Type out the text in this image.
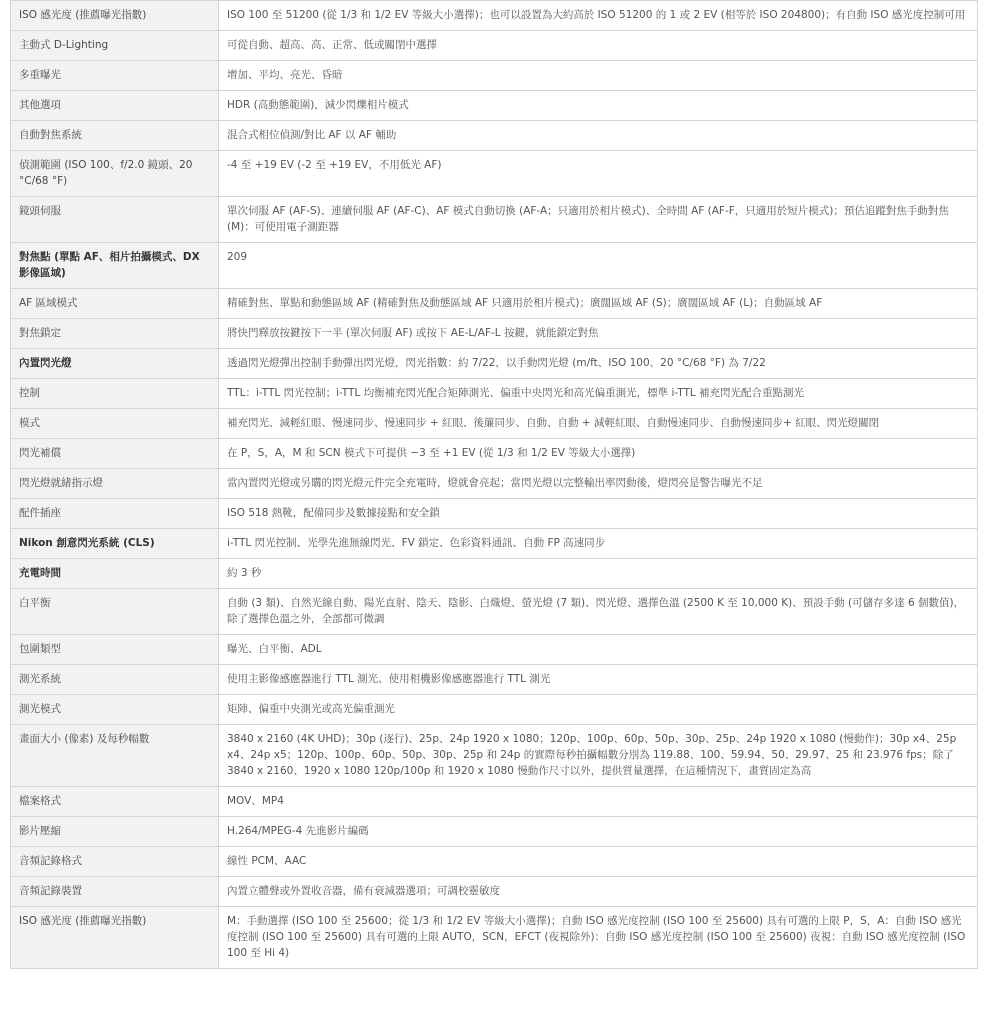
ISO 感光度 (推薦曝光指數)	ISO 100 至 51200 (從 1/3 和 1/2 EV 等級大小選擇)；也可以設置為大約高於 ISO 51200 的 1 或 2 EV (相等於 ISO 204800)；有自動 ISO 感光度控制可用
主動式 D-Lighting	可從自動、超高、高、正常、低或關閉中選擇
多重曝光	增加、平均、亮光、昏暗
其他選項	HDR (高動態範圍)，減少閃爍相片模式
自動對焦系統	混合式相位偵測/對比 AF 以 AF 輔助
偵測範圍 (ISO 100、f/2.0 鏡頭、20 °C/68 °F)	-4 至 +19 EV (-2 至 +19 EV，不用低光 AF)
鏡頭伺服	單次伺服 AF (AF-S)、連續伺服 AF (AF-C)、AF 模式自動切換 (AF-A；只適用於相片模式)、全時間 AF (AF-F，只適用於短片模式)；預估追蹤對焦手動對焦 (M)：可使用電子測距器
對焦點 (單點 AF、相片拍攝模式、DX 影像區域)	209
AF 區域模式	精確對焦、單點和動態區域 AF (精確對焦及動態區域 AF 只適用於相片模式)；廣闊區域 AF (S)；廣闊區域 AF (L)；自動區域 AF
對焦鎖定	將快門釋放按鍵按下一半 (單次伺服 AF) 或按下 AE-L/AF-L 按鍵，就能鎖定對焦
內置閃光燈	透過閃光燈彈出控制手動彈出閃光燈，閃光指數：約 7/22，以手動閃光燈 (m/ft、ISO 100、20 °C/68 °F) 為 7/22
控制	TTL：i-TTL 閃光控制；i-TTL 均衡補充閃光配合矩陣測光、偏重中央閃光和高光偏重測光，標準 i-TTL 補充閃光配合重點測光
模式	補充閃光、減輕紅眼、慢速同步、慢速同步 + 紅眼、後簾同步、自動、自動 + 減輕紅眼、自動慢速同步、自動慢速同步+ 紅眼、閃光燈關閉
閃光補償	在 P，S，A，M 和 SCN 模式下可提供 −3 至 +1 EV (從 1/3 和 1/2 EV 等級大小選擇)
閃光燈就緒指示燈	當內置閃光燈或另購的閃光燈元件完全充電時，燈就會亮起；當閃光燈以完整輸出率閃動後，燈閃亮是警告曝光不足
配件插座	ISO 518 熱靴，配備同步及數據接點和安全鎖
Nikon 創意閃光系統 (CLS)	i-TTL 閃光控制、光學先進無線閃光、FV 鎖定、色彩資料通訊、自動 FP 高速同步
充電時間	約 3 秒
白平衡	自動 (3 類)、自然光線自動、陽光直射、陰天、陰影、白熾燈、螢光燈 (7 類)、閃光燈、選擇色溫 (2500 K 至 10,000 K)、預設手動 (可儲存多達 6 個數值)，除了選擇色溫之外，全部都可微調
包圍類型	曝光、白平衡、ADL
測光系統	使用主影像感應器進行 TTL 測光、使用相機影像感應器進行 TTL 測光
測光模式	矩陣、偏重中央測光或高光偏重測光
畫面大小 (像素) 及每秒幅數	3840 x 2160 (4K UHD)；30p (逐行)、25p、24p 1920 x 1080；120p、100p、60p、50p、30p、25p、24p 1920 x 1080 (慢動作)；30p x4、25p x4、24p x5；120p、100p、60p、50p、30p、25p 和 24p 的實際每秒拍攝幅數分別為 119.88、100、59.94、50、29.97、25 和 23.976 fps；除了 3840 x 2160、1920 x 1080 120p/100p 和 1920 x 1080 慢動作尺寸以外，提供質量選擇，在這種情況下，畫質固定為高
檔案格式	MOV、MP4
影片壓縮	H.264/MPEG-4 先進影片編碼
音頻記錄格式	線性 PCM、AAC
音頻記錄裝置	內置立體聲或外置收音器，備有衰減器選項；可調校靈敏度
ISO 感光度 (推薦曝光指數)	M：手動選擇 (ISO 100 至 25600；從 1/3 和 1/2 EV 等級大小選擇)；自動 ISO 感光度控制 (ISO 100 至 25600) 具有可選的上限 P，S，A：自動 ISO 感光度控制 (ISO 100 至 25600) 具有可選的上限 AUTO，SCN，EFCT (夜視除外)：自動 ISO 感光度控制 (ISO 100 至 25600) 夜視：自動 ISO 感光度控制 (ISO 100 至 Hi 4)
